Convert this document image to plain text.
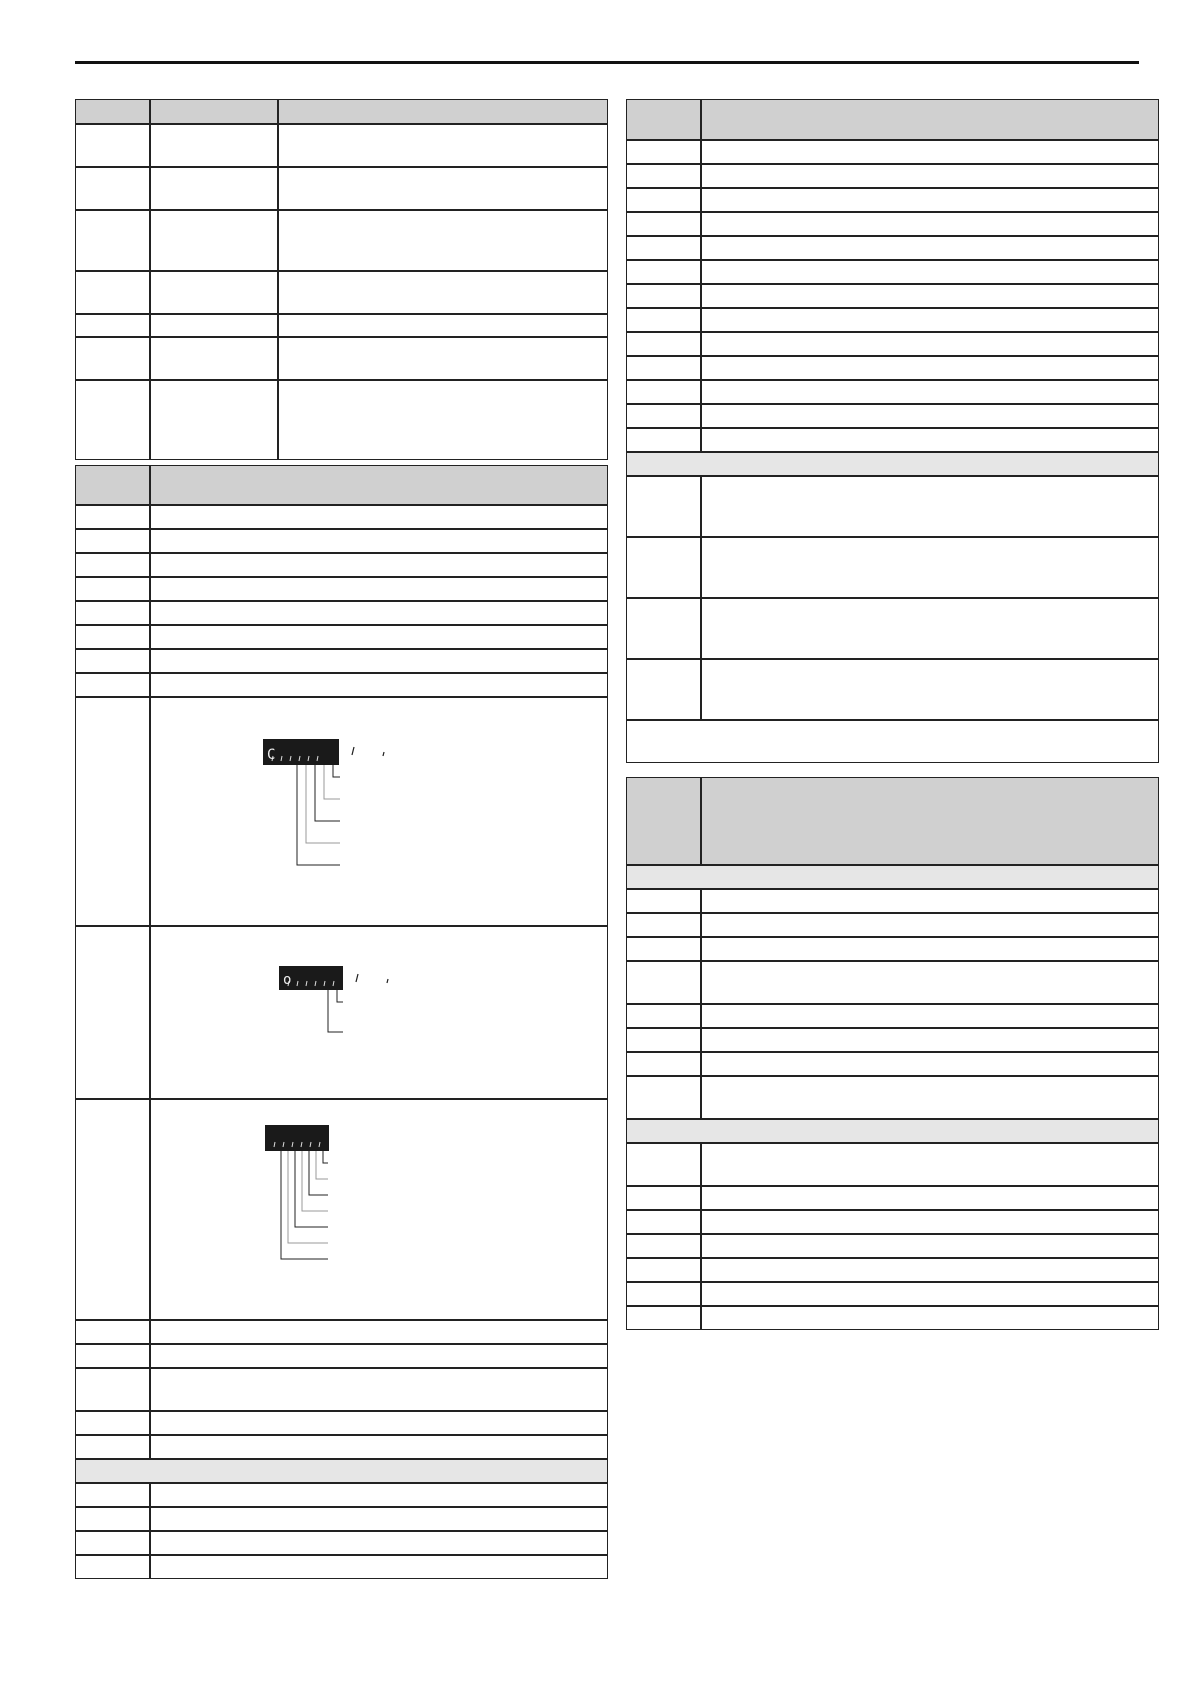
C
o
